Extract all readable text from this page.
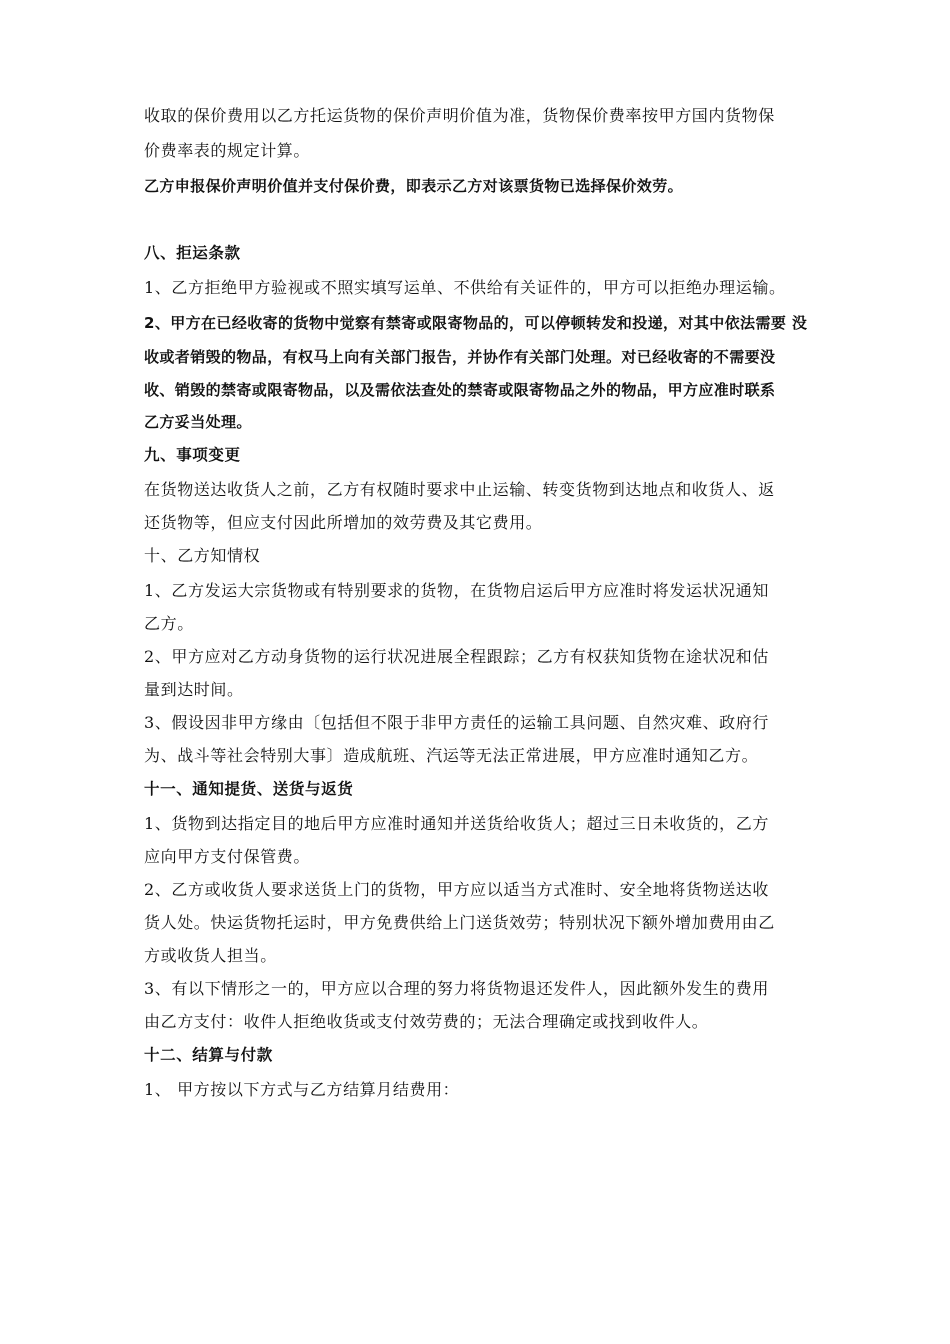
收取的保价费用以乙方托运货物的保价声明价值为准，货物保价费率按甲方国内货物保
价费率表的规定计算。
乙方申报保价声明价值并支付保价费，即表示乙方对该票货物已选择保价效劳。
八、拒运条款
1、乙方拒绝甲方验视或不照实填写运单、不供给有关证件的，甲方可以拒绝办理运输。
2、甲方在已经收寄的货物中觉察有禁寄或限寄物品的，可以停顿转发和投递，对其中依法需要 没
收或者销毁的物品，有权马上向有关部门报告，并协作有关部门处理。对已经收寄的不需要没
收、销毁的禁寄或限寄物品，以及需依法查处的禁寄或限寄物品之外的物品，甲方应准时联系
乙方妥当处理。
九、事项变更
在货物送达收货人之前，乙方有权随时要求中止运输、转变货物到达地点和收货人、返
还货物等，但应支付因此所增加的效劳费及其它费用。
十、乙方知情权
1、乙方发运大宗货物或有特别要求的货物，在货物启运后甲方应准时将发运状况通知
乙方。
2、甲方应对乙方动身货物的运行状况进展全程跟踪；乙方有权获知货物在途状况和估
量到达时间。
3、假设因非甲方缘由〔包括但不限于非甲方责任的运输工具问题、自然灾难、政府行
为、战斗等社会特别大事〕造成航班、汽运等无法正常进展，甲方应准时通知乙方。
十一、通知提货、送货与返货
1、货物到达指定目的地后甲方应准时通知并送货给收货人；超过三日未收货的，乙方
应向甲方支付保管费。
2、乙方或收货人要求送货上门的货物，甲方应以适当方式准时、安全地将货物送达收
货人处。快运货物托运时，甲方免费供给上门送货效劳；特别状况下额外增加费用由乙
方或收货人担当。
3、有以下情形之一的，甲方应以合理的努力将货物退还发件人，因此额外发生的费用
由乙方支付：收件人拒绝收货或支付效劳费的；无法合理确定或找到收件人。
十二、结算与付款
1、 甲方按以下方式与乙方结算月结费用：
